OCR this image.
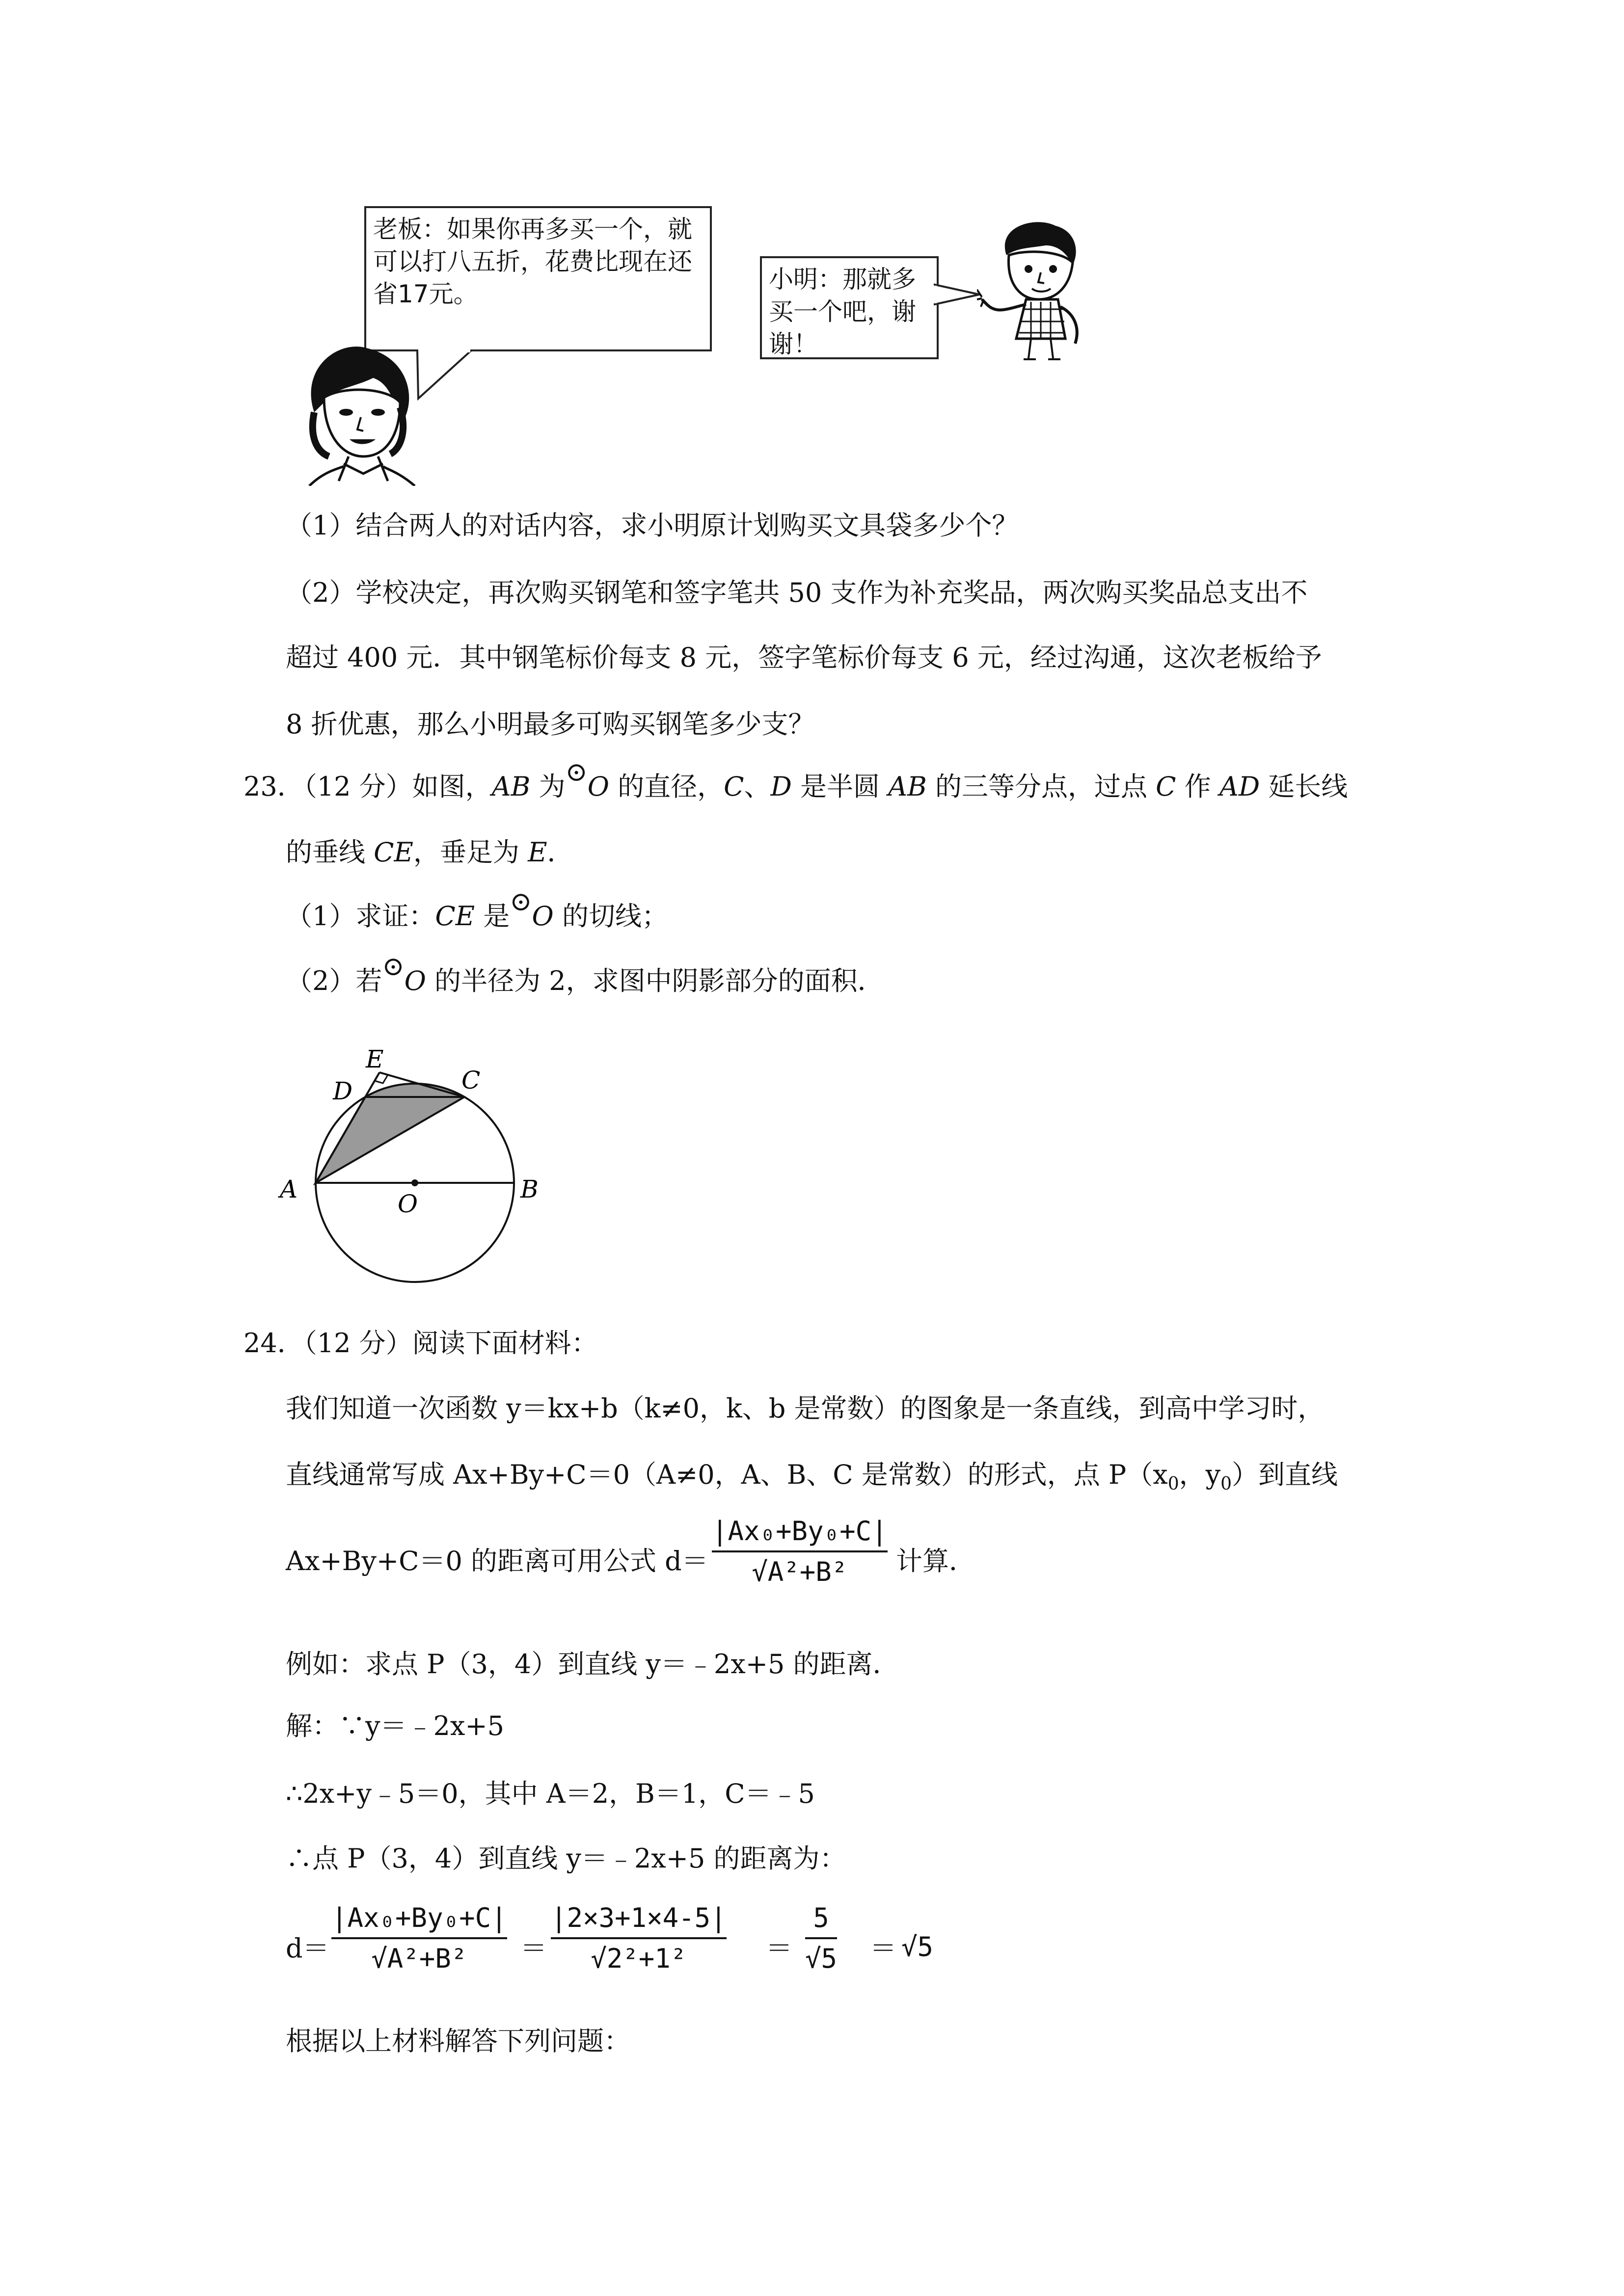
老板：如果你再多买一个，就可以打八五折，花费比现在还省17元。
小明：那就多买一个吧，谢谢！
（1）结合两人的对话内容，求小明原计划购买文具袋多少个？
（2）学校决定，再次购买钢笔和签字笔共 50 支作为补充奖品，两次购买奖品总支出不
超过 400 元．其中钢笔标价每支 8 元，签字笔标价每支 6 元，经过沟通，这次老板给予
8 折优惠，那么小明最多可购买钢笔多少支？
23．（12 分）如图，AB 为⊙O 的直径，C、D 是半圆 AB 的三等分点，过点 C 作 AD 延长线
的垂线 CE，垂足为 E．
（1）求证：CE 是⊙O 的切线；
（2）若⊙O 的半径为 2，求图中阴影部分的面积．
E
D	C
A
O
B
24．（12 分）阅读下面材料：
我们知道一次函数 y＝kx+b（k≠0，k、b 是常数）的图象是一条直线，到高中学习时，
直线通常写成 Ax+By+C＝0（A≠0，A、B、C 是常数）的形式，点 $P(x_0$，$y_0$）到直线
Ax+By+C＝0 的距离可用公式 d＝
|Ax₀+By₀+C|
√A²+B²	计算．
例如：求点 P（3，4）到直线 y＝﹣2x+5 的距离．
解：∵y＝﹣2x+5
∴2x+y﹣5＝0，其中 A＝2，B＝1，C＝﹣5
∴点 P（3，4）到直线 y＝﹣2x+5 的距离为：
d＝
|Ax₀+By₀+C|
√A²+B²	＝
|2×3+1×4-5|
√2²+1²	＝
5
√5 ＝ √5
根据以上材料解答下列问题：
